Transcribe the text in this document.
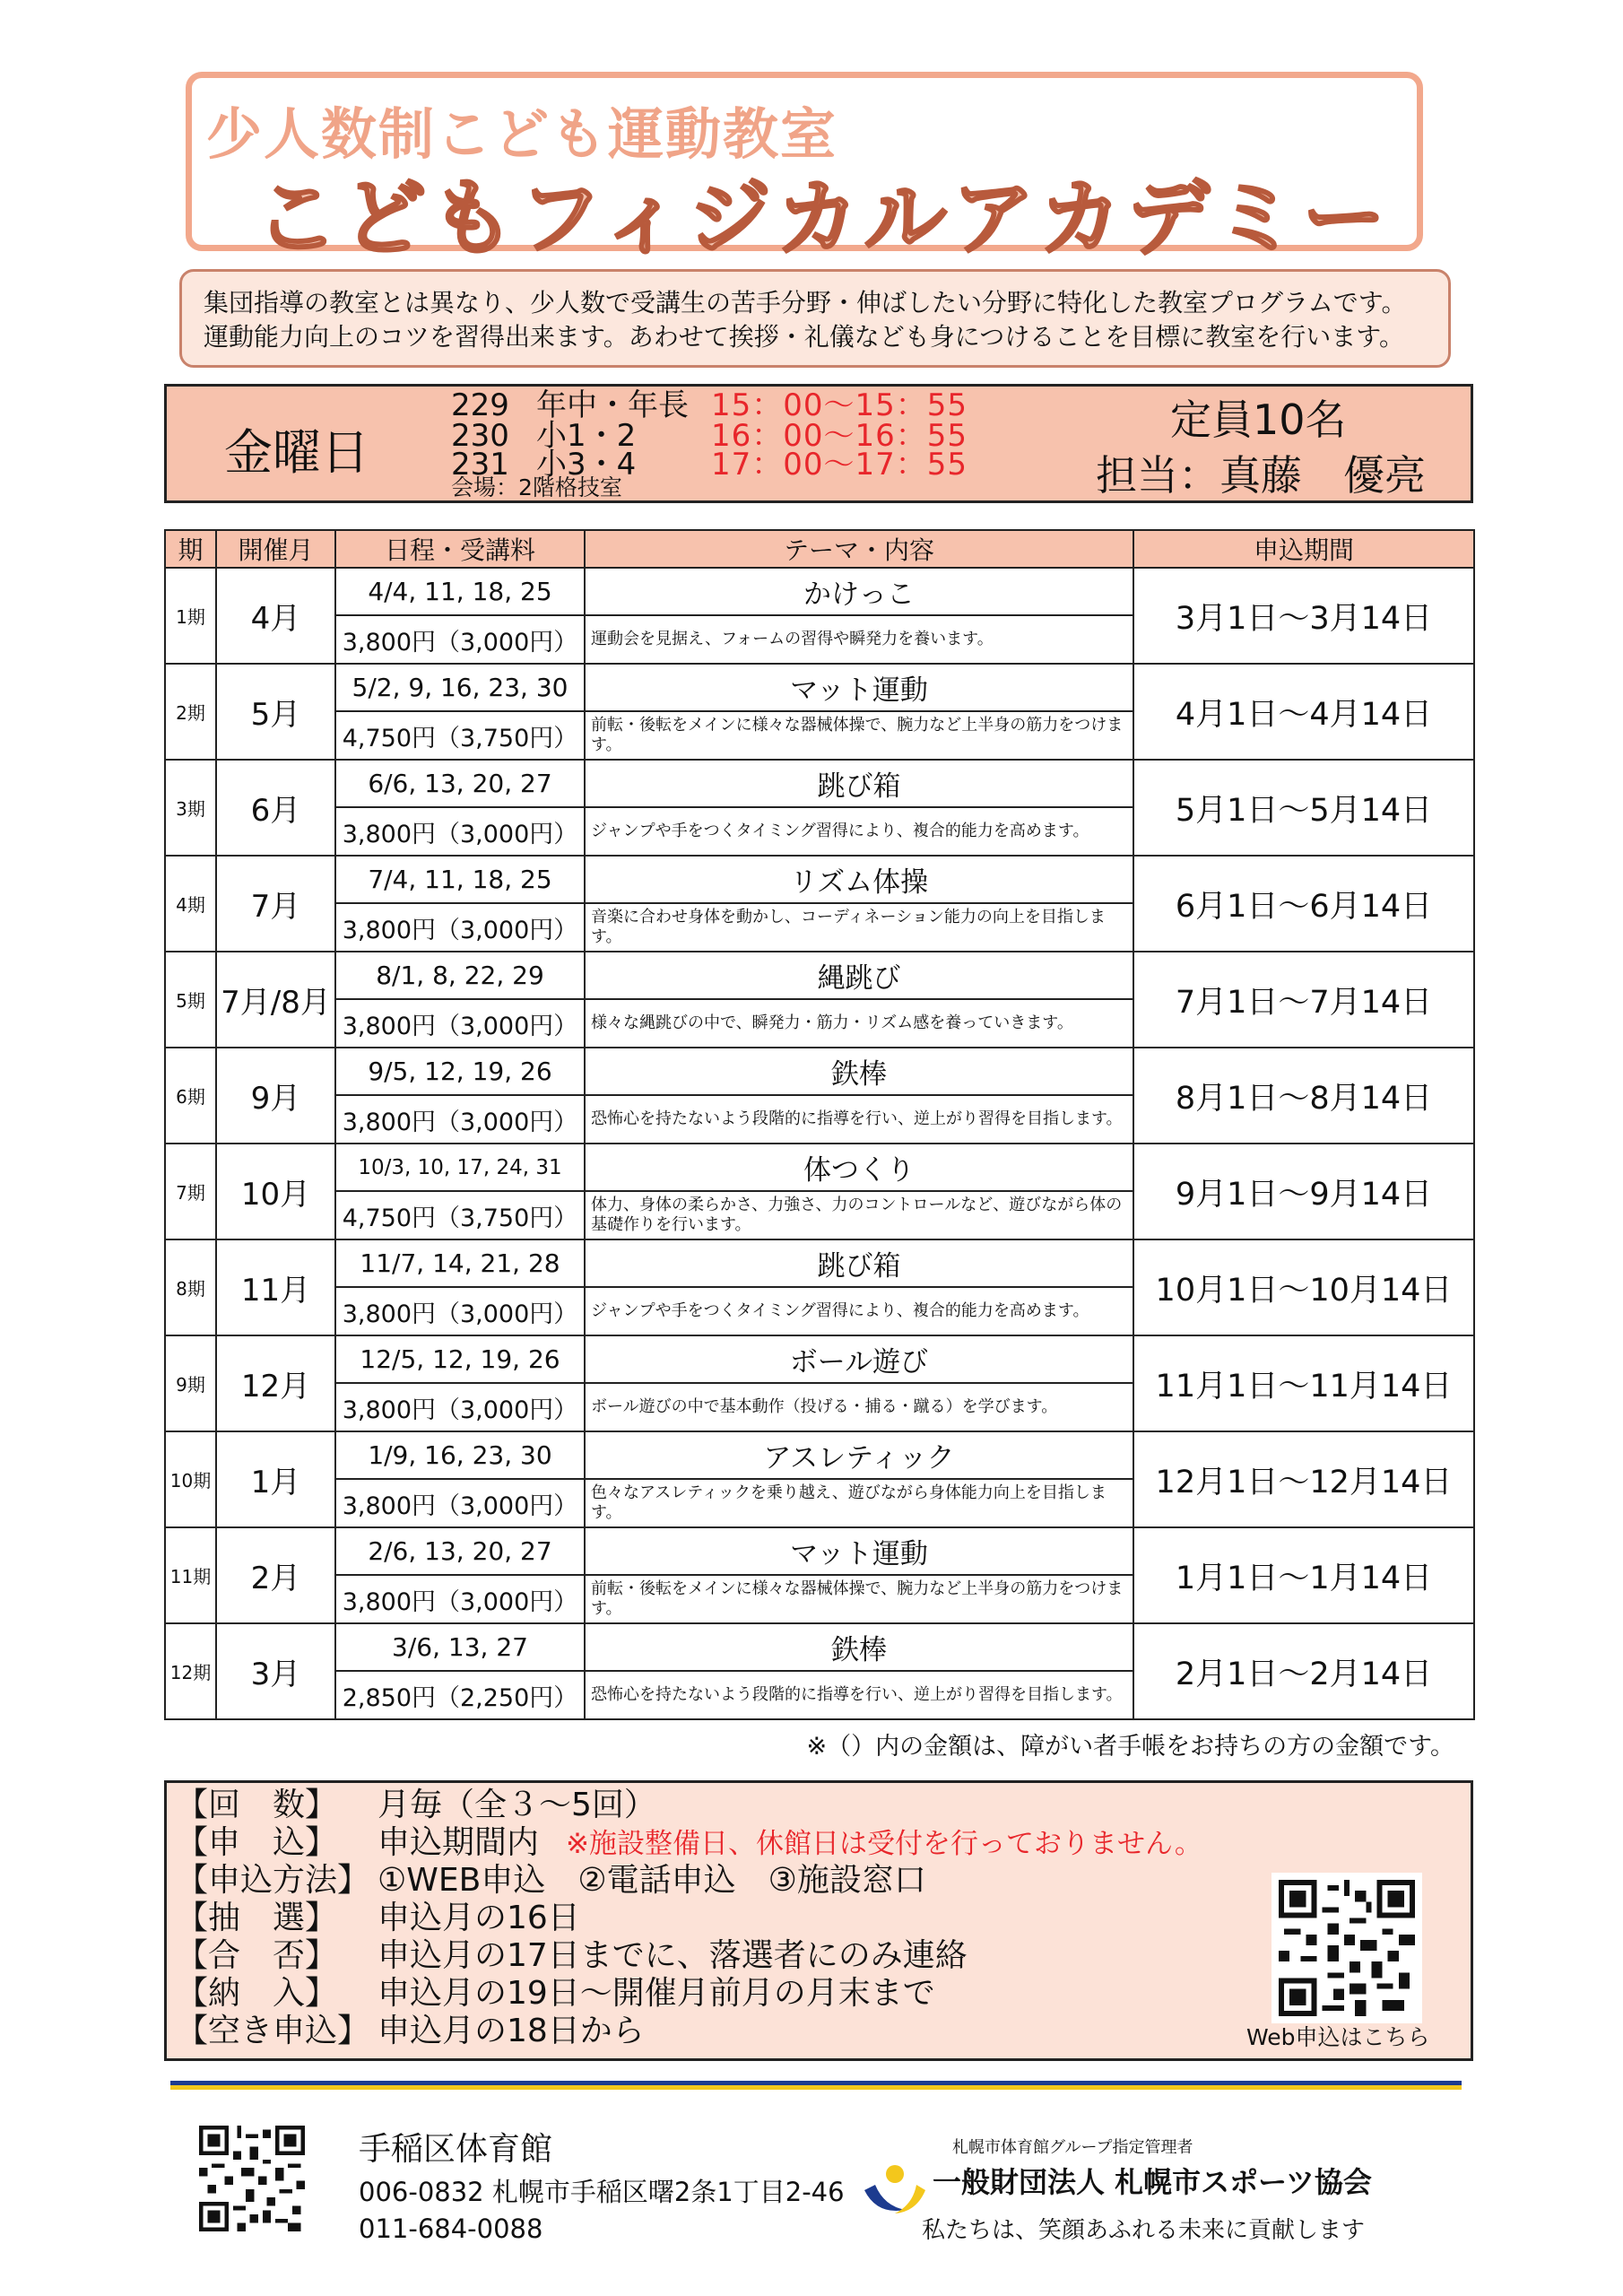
少人数制こども運動教室
こどもフィジカルアカデミー
集団指導の教室とは異なり、少人数で受講生の苦手分野・伸ばしたい分野に特化した教室プログラムです。
運動能力向上のコツを習得出来ます。あわせて挨拶・礼儀なども身につけることを目標に教室を行います。
金曜日
229 年中・年長 15：00～15：55
230 小1・2 16：00～16：55
231 小3・4 17：00～17：55
会場：2階格技室
定員10名
担当：真藤　優亮
期	開催月	日程・受講料	テーマ・内容	申込期間
1期	4月	4/4, 11, 18, 25	かけっこ	3月1日～3月14日
		3,800円（3,000円）	運動会を見据え、フォームの習得や瞬発力を養います。	
2期	5月	5/2, 9, 16, 23, 30	マット運動	4月1日～4月14日
		4,750円（3,750円）	前転・後転をメインに様々な器械体操で、腕力など上半身の筋力をつけます。	
3期	6月	6/6, 13, 20, 27	跳び箱	5月1日～5月14日
		3,800円（3,000円）	ジャンプや手をつくタイミング習得により、複合的能力を高めます。	
4期	7月	7/4, 11, 18, 25	リズム体操	6月1日～6月14日
		3,800円（3,000円）	音楽に合わせ身体を動かし、コーディネーション能力の向上を目指します。	
5期	7月/8月	8/1, 8, 22, 29	縄跳び	7月1日～7月14日
		3,800円（3,000円）	様々な縄跳びの中で、瞬発力・筋力・リズム感を養っていきます。	
6期	9月	9/5, 12, 19, 26	鉄棒	8月1日～8月14日
		3,800円（3,000円）	恐怖心を持たないよう段階的に指導を行い、逆上がり習得を目指します。	
7期	10月	10/3, 10, 17, 24, 31	体つくり	9月1日～9月14日
		4,750円（3,750円）	体力、身体の柔らかさ、力強さ、力のコントロールなど、遊びながら体の基礎作りを行います。	
8期	11月	11/7, 14, 21, 28	跳び箱	10月1日～10月14日
		3,800円（3,000円）	ジャンプや手をつくタイミング習得により、複合的能力を高めます。	
9期	12月	12/5, 12, 19, 26	ボール遊び	11月1日～11月14日
		3,800円（3,000円）	ボール遊びの中で基本動作（投げる・捕る・蹴る）を学びます。	
10期	1月	1/9, 16, 23, 30	アスレティック	12月1日～12月14日
		3,800円（3,000円）	色々なアスレティックを乗り越え、遊びながら身体能力向上を目指します。	
11期	2月	2/6, 13, 20, 27	マット運動	1月1日～1月14日
		3,800円（3,000円）	前転・後転をメインに様々な器械体操で、腕力など上半身の筋力をつけます。	
12期	3月	3/6, 13, 27	鉄棒	2月1日～2月14日
		2,850円（2,250円）	恐怖心を持たないよう段階的に指導を行い、逆上がり習得を目指します。	
※（）内の金額は、障がい者手帳をお持ちの方の金額です。
【回　数】 月毎（全３～5回）
【申　込】 申込期間内 ※施設整備日、休館日は受付を行っておりません。
【申込方法】 ①WEB申込　②電話申込　③施設窓口
【抽　選】 申込月の16日
【合　否】 申込月の17日までに、落選者にのみ連絡
【納　入】 申込月の19日～開催月前月の月末まで
【空き申込】 申込月の18日から	Web申込はこちら
手稲区体育館
006-0832 札幌市手稲区曙2条1丁目2-46
011-684-0088
札幌市体育館グループ指定管理者
一般財団法人 札幌市スポーツ協会
私たちは、笑顔あふれる未来に貢献します
